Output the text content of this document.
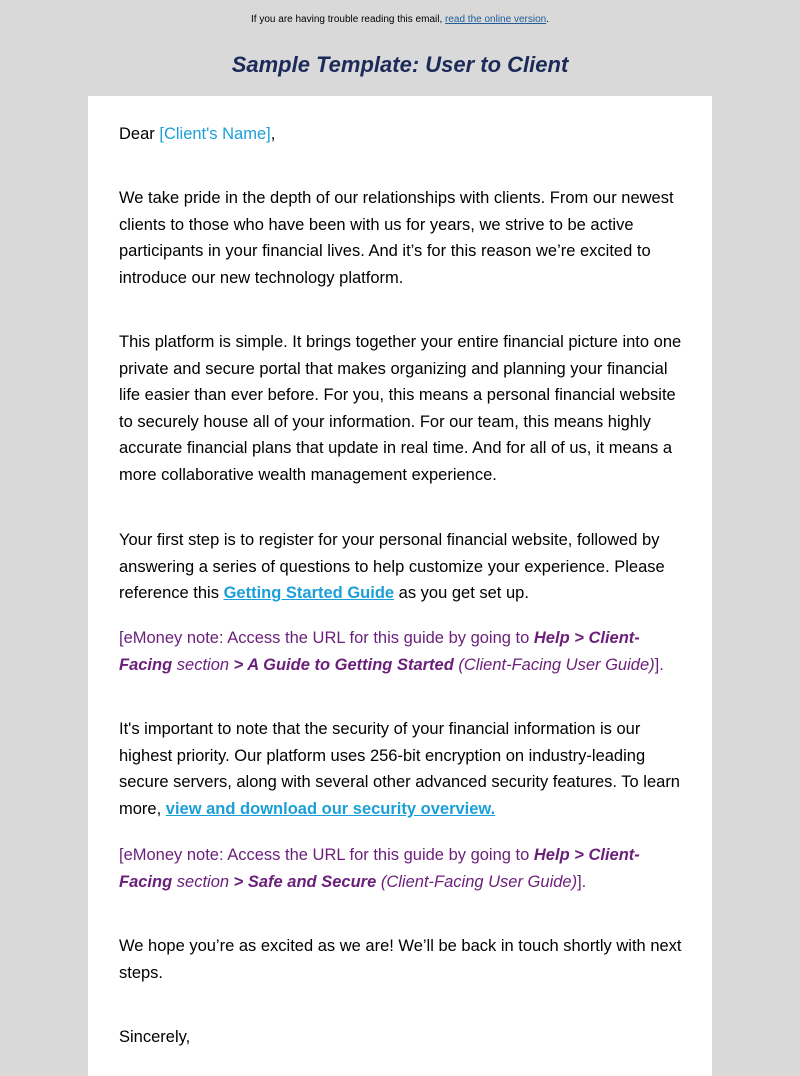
If you are having trouble reading this email, read the online version.
Sample Template: User to Client

Dear [Client's Name],

We take pride in the depth of our relationships with clients. From our newest clients to those who have been with us for years, we strive to be active participants in your financial lives. And it’s for this reason we’re excited to introduce our new technology platform.

This platform is simple. It brings together your entire financial picture into one private and secure portal that makes organizing and planning your financial life easier than ever before. For you, this means a personal financial website to securely house all of your information. For our team, this means highly accurate financial plans that update in real time. And for all of us, it means a more collaborative wealth management experience.

Your first step is to register for your personal financial website, followed by answering a series of questions to help customize your experience. Please reference this Getting Started Guide as you get set up.

[eMoney note: Access the URL for this guide by going to Help > Client-Facing section > A Guide to Getting Started (Client-Facing User Guide)].

It's important to note that the security of your financial information is our highest priority. Our platform uses 256-bit encryption on industry-leading secure servers, along with several other advanced security features. To learn more, view and download our security overview.

[eMoney note: Access the URL for this guide by going to Help > Client-Facing section > Safe and Secure (Client-Facing User Guide)].

We hope you’re as excited as we are! We’ll be back in touch shortly with next steps.

Sincerely,
